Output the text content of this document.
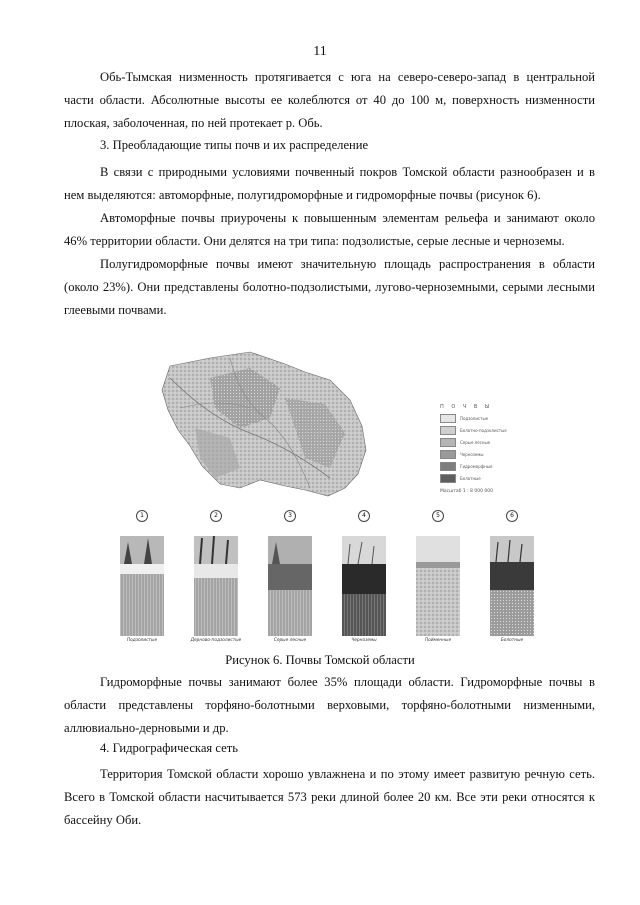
11

Обь-Тымская низменность протягивается с юга на северо-северо-запад в центральной части области. Абсолютные высоты ее колеблются от 40 до 100 м, поверхность низменности плоская, заболоченная, по ней протекает р. Обь.

3. Преобладающие типы почв и их распределение

В связи с природными условиями почвенный покров Томской области разнообразен и в нем выделяются: автоморфные, полугидроморфные и гидроморфные почвы (рисунок 6).

Автоморфные почвы приурочены к повышенным элементам рельефа и занимают около 46% территории области. Они делятся на три типа: подзолистые, серые лесные и черноземы.

Полугидроморфные почвы имеют значительную площадь распространения в области (около 23%). Они представлены болотно-подзолистыми, лугово-черноземными, серыми лесными глеевыми почвами.

П О Ч В Ы
Подзолистые
Болотно-подзолистые
Серые лесные
Черноземы
Гидроморфные
Болотные
Масштаб 1 : 8 000 000
1
Подзолистые
2
Дерново-подзолистые
3
Серые лесные
4
Черноземы
5
Пойменные
6
Болотные
Рисунок 6. Почвы Томской области

Гидроморфные почвы занимают более 35% площади области. Гидроморфные почвы в области представлены торфяно-болотными верховыми, торфяно-болотными низменными, аллювиально-дерновыми и др.

4. Гидрографическая сеть

Территория Томской области хорошо увлажнена и по этому имеет развитую речную сеть. Всего в Томской области насчитывается 573 реки длиной более 20 км. Все эти реки относятся к бассейну Оби.
